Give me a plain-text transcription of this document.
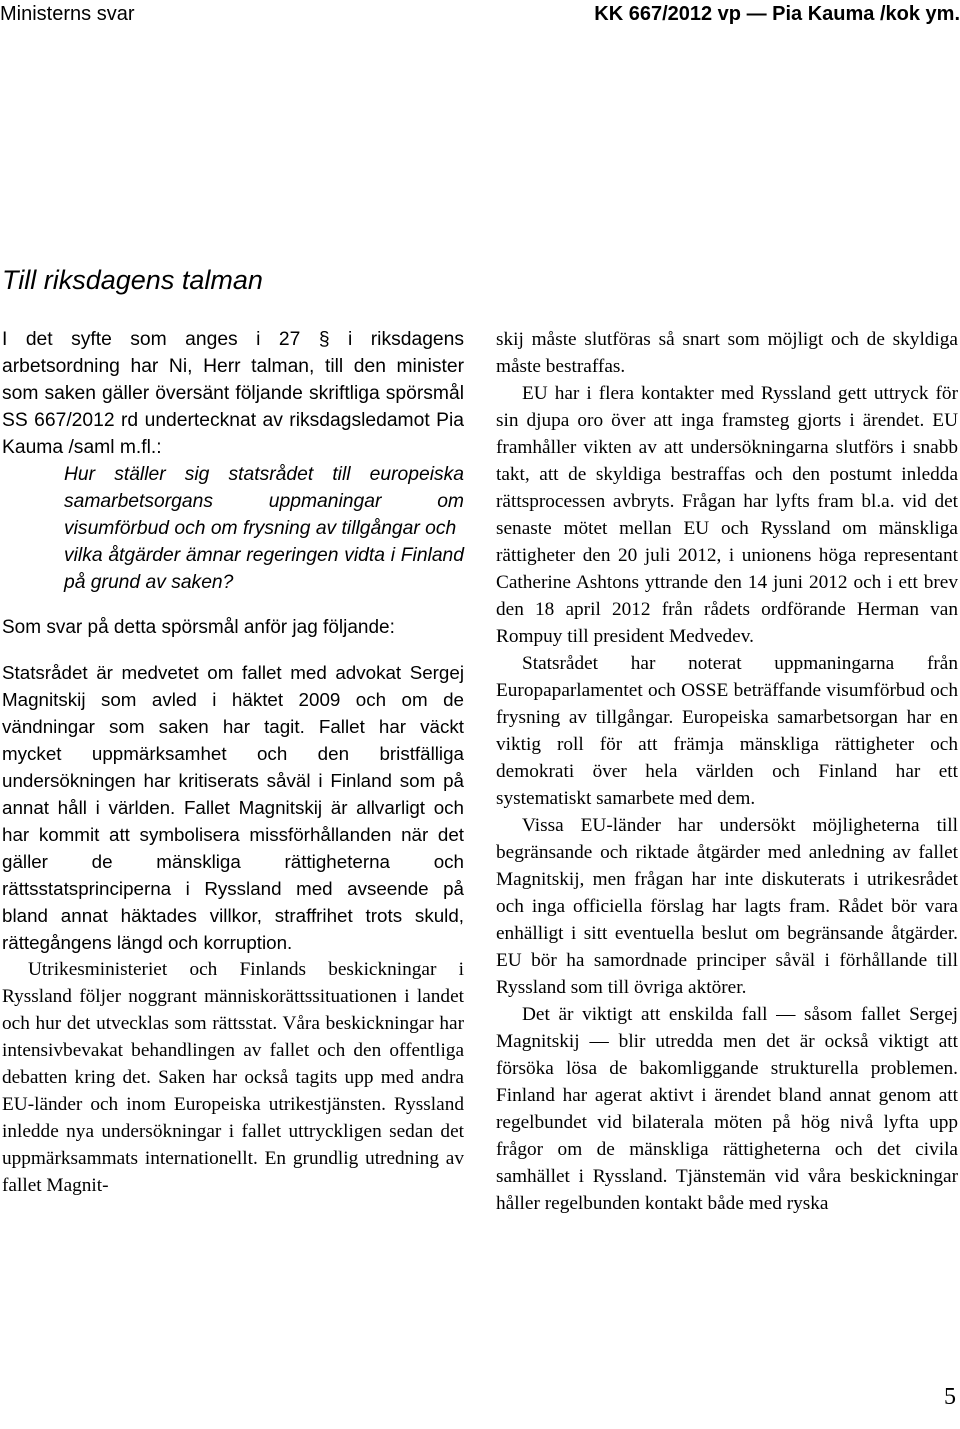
Ministerns svar	KK 667/2012 vp — Pia Kauma /kok ym.
Till riksdagens talman

I det syfte som anges i 27 § i riksdagens arbetsordning har Ni, Herr talman, till den minister som saken gäller översänt följande skriftliga spörsmål SS 667/2012 rd undertecknat av riksdagsledamot Pia Kauma /saml m.fl.:

Hur ställer sig statsrådet till europeiska samarbetsorgans uppmaningar om visumförbud och om frysning av tillgångar och

vilka åtgärder ämnar regeringen vidta i Finland på grund av saken?

Som svar på detta spörsmål anför jag följande:

Statsrådet är medvetet om fallet med advokat Sergej Magnitskij som avled i häktet 2009 och om de vändningar som saken har tagit. Fallet har väckt mycket uppmärksamhet och den bristfälliga undersökningen har kritiserats såväl i Finland som på annat håll i världen. Fallet Magnitskij är allvarligt och har kommit att symbolisera missförhållanden när det gäller de mänskliga rättigheterna och rättsstatsprinciperna i Ryssland med avseende på bland annat häktades villkor, straffrihet trots skuld, rättegångens längd och korruption.

Utrikesministeriet och Finlands beskickningar i Ryssland följer noggrant människorättssituationen i landet och hur det utvecklas som rättsstat. Våra beskickningar har intensivbevakat behandlingen av fallet och den offentliga debatten kring det. Saken har också tagits upp med andra EU-länder och inom Europeiska utrikestjänsten. Ryssland inledde nya undersökningar i fallet uttryckligen sedan det uppmärksammats internationellt. En grundlig utredning av fallet Magnit-

skij måste slutföras så snart som möjligt och de skyldiga måste bestraffas.

EU har i flera kontakter med Ryssland gett uttryck för sin djupa oro över att inga framsteg gjorts i ärendet. EU framhåller vikten av att undersökningarna slutförs i snabb takt, att de skyldiga bestraffas och den postumt inledda rättsprocessen avbryts. Frågan har lyfts fram bl.a. vid det senaste mötet mellan EU och Ryssland om mänskliga rättigheter den 20 juli 2012, i unionens höga representant Catherine Ashtons yttrande den 14 juni 2012 och i ett brev den 18 april 2012 från rådets ordförande Herman van Rompuy till president Medvedev.

Statsrådet har noterat uppmaningarna från Europaparlamentet och OSSE beträffande visumförbud och frysning av tillgångar. Europeiska samarbetsorgan har en viktig roll för att främja mänskliga rättigheter och demokrati över hela världen och Finland har ett systematiskt samarbete med dem.

Vissa EU-länder har undersökt möjligheterna till begränsande och riktade åtgärder med anledning av fallet Magnitskij, men frågan har inte diskuterats i utrikesrådet och inga officiella förslag har lagts fram. Rådet bör vara enhälligt i sitt eventuella beslut om begränsande åtgärder. EU bör ha samordnade principer såväl i förhållande till Ryssland som till övriga aktörer.

Det är viktigt att enskilda fall — såsom fallet Sergej Magnitskij — blir utredda men det är också viktigt att försöka lösa de bakomliggande strukturella problemen. Finland har agerat aktivt i ärendet bland annat genom att regelbundet vid bilaterala möten på hög nivå lyfta upp frågor om de mänskliga rättigheterna och det civila samhället i Ryssland. Tjänstemän vid våra beskickningar håller regelbunden kontakt både med ryska

5
